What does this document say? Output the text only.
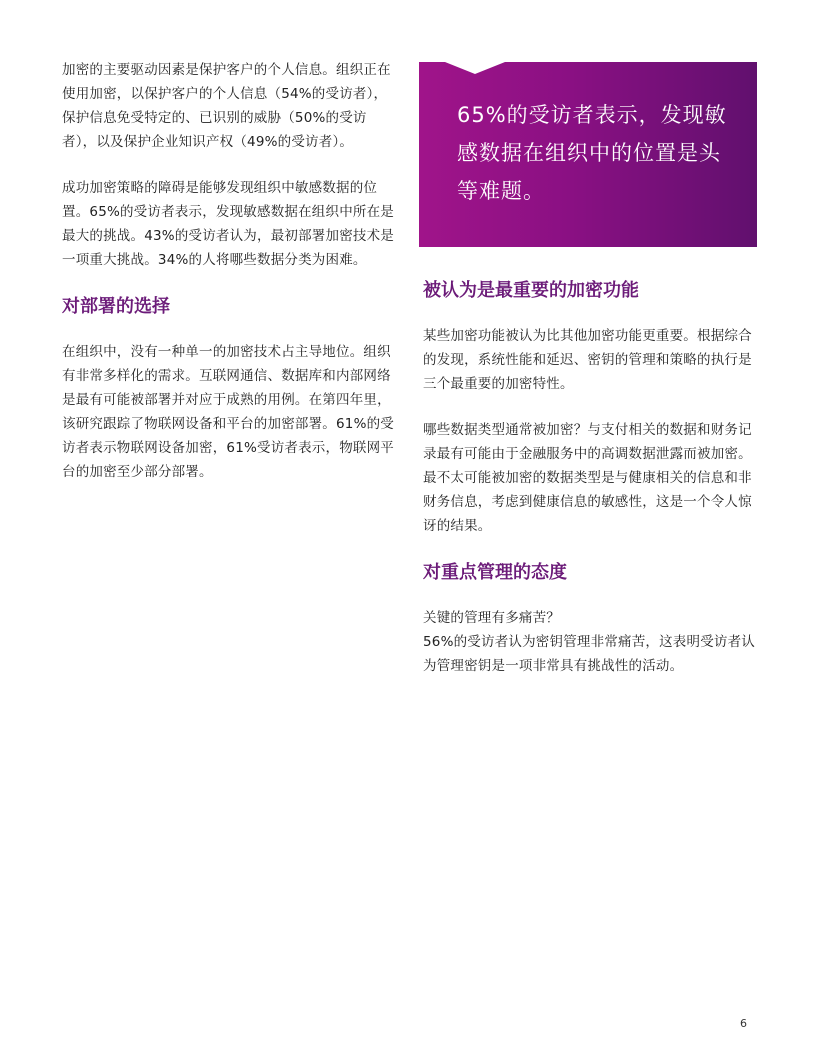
加密的主要驱动因素是保护客户的个人信息。组织正在使用加密，以保护客户的个人信息（54%的受访者），保护信息免受特定的、已识别的威胁（50%的受访者），以及保护企业知识产权（49%的受访者）。

成功加密策略的障碍是能够发现组织中敏感数据的位置。65%的受访者表示，发现敏感数据在组织中所在是最大的挑战。43%的受访者认为，最初部署加密技术是一项重大挑战。34%的人将哪些数据分类为困难。

对部署的选择

在组织中，没有一种单一的加密技术占主导地位。组织有非常多样化的需求。互联网通信、数据库和内部网络是最有可能被部署并对应于成熟的用例。在第四年里，该研究跟踪了物联网设备和平台的加密部署。61%的受访者表示物联网设备加密，61%受访者表示，物联网平台的加密至少部分部署。

65%的受访者表示，发现敏感数据在组织中的位置是头等难题。
被认为是最重要的加密功能

某些加密功能被认为比其他加密功能更重要。根据综合的发现，系统性能和延迟、密钥的管理和策略的执行是三个最重要的加密特性。

哪些数据类型通常被加密？与支付相关的数据和财务记录最有可能由于金融服务中的高调数据泄露而被加密。最不太可能被加密的数据类型是与健康相关的信息和非财务信息，考虑到健康信息的敏感性，这是一个令人惊讶的结果。

对重点管理的态度

关键的管理有多痛苦？

56%的受访者认为密钥管理非常痛苦，这表明受访者认为管理密钥是一项非常具有挑战性的活动。

6
